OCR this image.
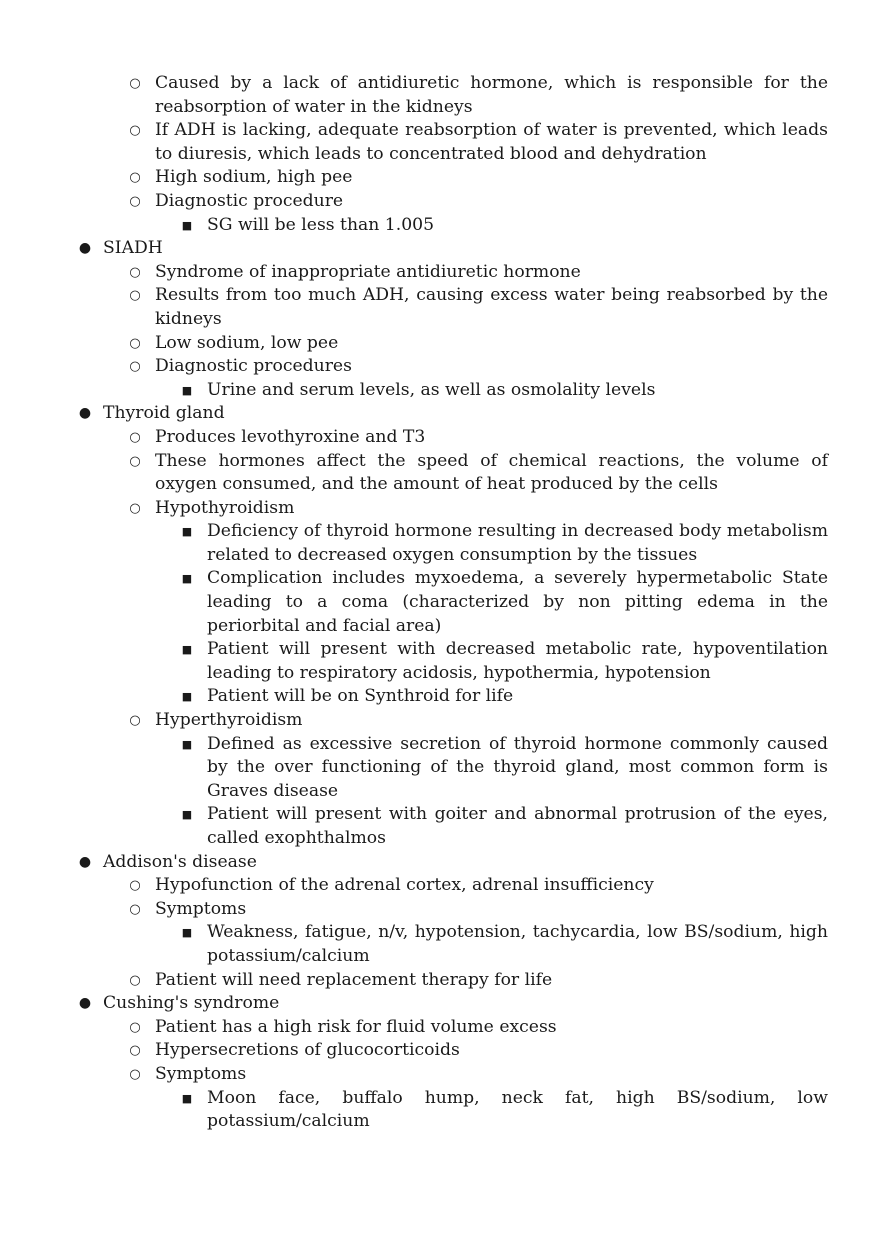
○ Caused by a lack of antidiuretic hormone, which is responsible for the reabsorption of water in the kidneys
○ If ADH is lacking, adequate reabsorption of water is prevented, which leads to diuresis, which leads to concentrated blood and dehydration
○ High sodium, high pee
○ Diagnostic procedure
■ SG will be less than 1.005
● SIADH
○ Syndrome of inappropriate antidiuretic hormone
○ Results from too much ADH, causing excess water being reabsorbed by the kidneys
○ Low sodium, low pee
○ Diagnostic procedures
■ Urine and serum levels, as well as osmolality levels
● Thyroid gland
○ Produces levothyroxine and T3
○ These hormones affect the speed of chemical reactions, the volume of oxygen consumed, and the amount of heat produced by the cells
○ Hypothyroidism
■ Deficiency of thyroid hormone resulting in decreased body metabolism related to decreased oxygen consumption by the tissues
■ Complication includes myxoedema, a severely hypermetabolic State leading to a coma (characterized by non pitting edema in the periorbital and facial area)
■ Patient will present with decreased metabolic rate, hypoventilation leading to respiratory acidosis, hypothermia, hypotension
■ Patient will be on Synthroid for life
○ Hyperthyroidism
■ Defined as excessive secretion of thyroid hormone commonly caused by the over functioning of the thyroid gland, most common form is Graves disease
■ Patient will present with goiter and abnormal protrusion of the eyes, called exophthalmos
● Addison's disease
○ Hypofunction of the adrenal cortex, adrenal insufficiency
○ Symptoms
■ Weakness, fatigue, n/v, hypotension, tachycardia, low BS/sodium, high potassium/calcium
○ Patient will need replacement therapy for life
● Cushing's syndrome
○ Patient has a high risk for fluid volume excess
○ Hypersecretions of glucocorticoids
○ Symptoms
■ Moon face, buffalo hump, neck fat, high BS/sodium, low potassium/calcium
